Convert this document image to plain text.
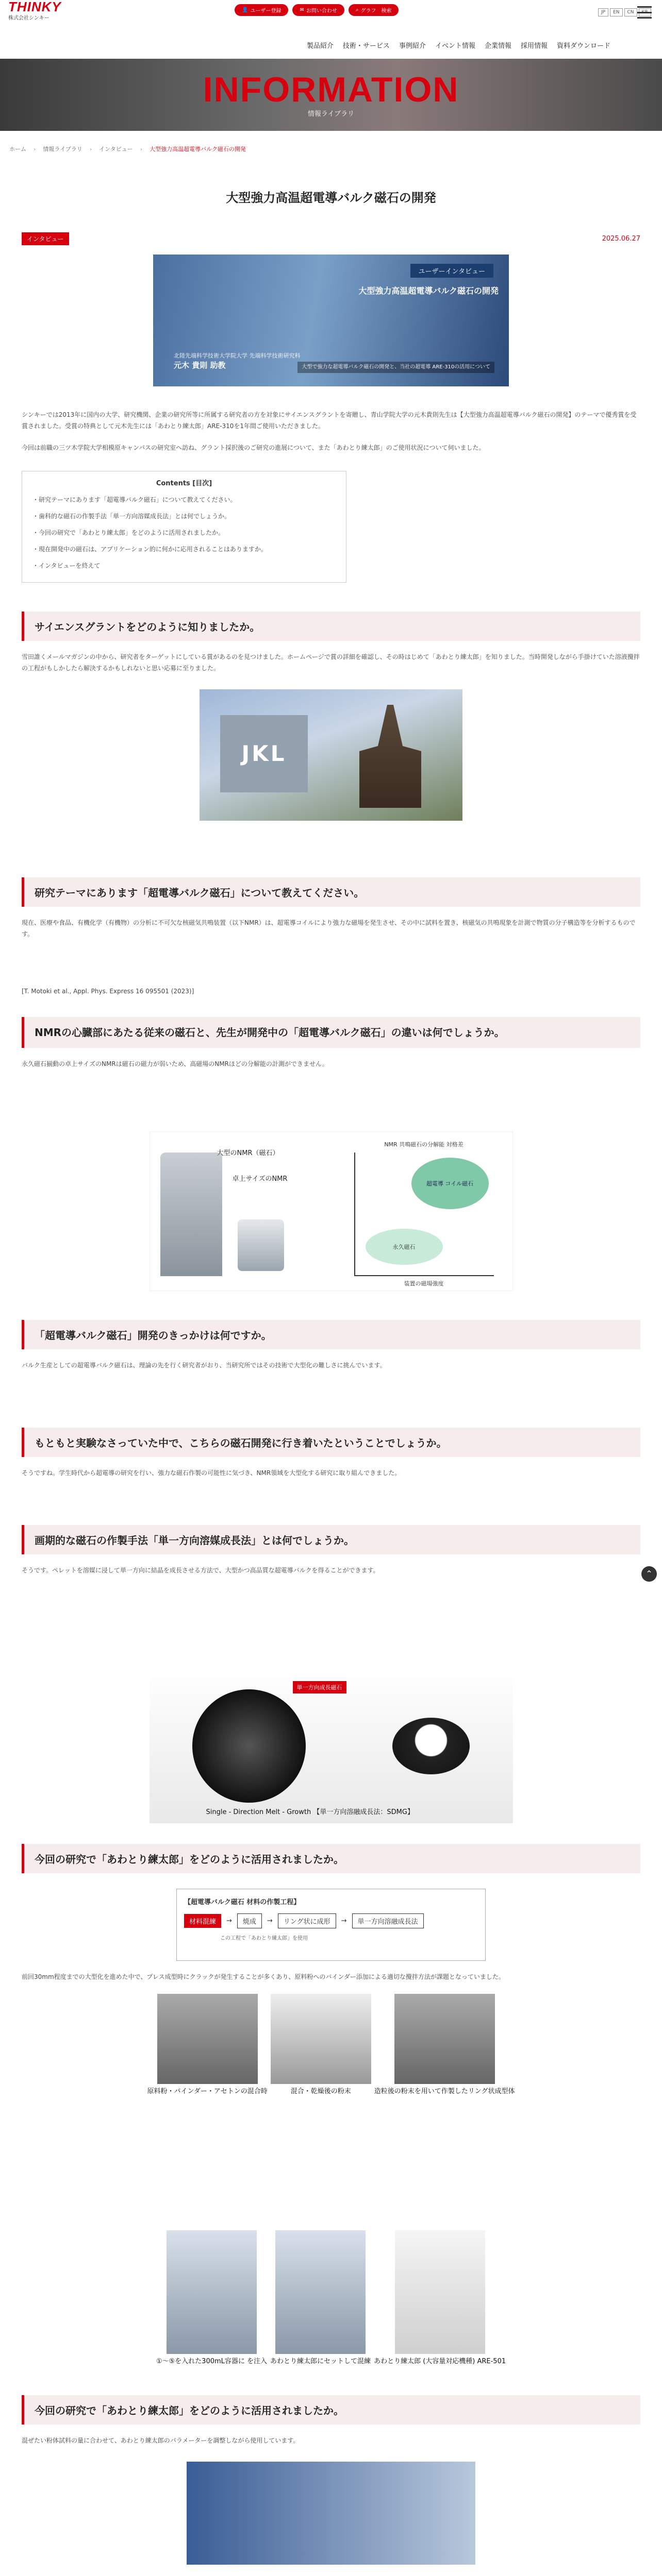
THINKY
株式会社シンキー
👤 ユーザー登録	✉ お問い合わせ	⌕ グラフ　検索	JP	EN	CN
製品紹介 技術・サービス 事例紹介 イベント情報 企業情報 採用情報 資料ダウンロード
INFORMATION
情報ライブラリ
ホーム › 情報ライブラリ › インタビュー › 大型強力高温超電導バルク磁石の開発
大型強力高温超電導バルク磁石の開発
インタビュー	2025.06.27
ユーザーインタビュー
大型強力高温超電導バルク磁石の開発
北陸先端科学技術大学院大学 先端科学技術研究科
元木 貴則 助教	大型で強力な超電導バルク磁石の開発と、当社の超電導 ARE-310の活用について

シンキーでは2013年に国内の大学、研究機関、企業の研究所等に所属する研究者の方を対象にサイエンスグラントを寄贈し、青山学院大学の元木貴則先生は【大型強力高温超電導バルク磁石の開発】のテーマで優秀賞を受賞されました。受賞の特典として元木先生には「あわとり練太郎」ARE-310を1年間ご使用いただきました。

今回は前職の三ツ木学院大学相模原キャンパスの研究室へ訪ね、グラント採択後のご研究の進展について、また「あわとり練太郎」のご使用状況について伺いました。

Contents [目次]
・研究テーマにあります「超電導バルク磁石」について教えてください。
・歯科的な磁石の作製手法「単一方向溶媒成長法」とは何でしょうか。
・今回の研究で「あわとり練太郎」をどのように活用されましたか。
・現在開発中の磁石は、アプリケーション的に何かに応用されることはありますか。
・インタビューを終えて
サイエンスグラントをどのように知りましたか。

雪田誰くメールマガジンの中から、研究者をターゲットにしている賞があるのを見つけました。ホームページで賞の詳細を確認し、その時はじめて「あわとり練太郎」を知りました。当時開発しながら手掛けていた溶液攪拌の工程がもしかしたら解決するかもしれないと思い応募に至りました。

JKL
研究テーマにあります「超電導バルク磁石」について教えてください。

現在、医療や食品、有機化学（有機物）の分析に不可欠な核磁気共鳴装置（以下NMR）は、超電導コイルにより強力な磁場を発生させ、その中に試料を置き、核磁気の共鳴現象を計測で物質の分子構造等を分析するものです。

[T. Motoki et al., Appl. Phys. Express 16 095501 (2023)]

NMRの心臓部にあたる従来の磁石と、先生が開発中の「超電導バルク磁石」の違いは何でしょうか。

永久磁石揃動の卓上サイズのNMRは磁石の磁力が弱いため、高磁場のNMRほどの分解能の計測ができません。

大型のNMR（磁石）
卓上サイズのNMR
NMR 共鳴磁石の分解能 対格差
超電導 コイル磁石
永久磁石
装置の磁場強度
「超電導バルク磁石」開発のきっかけは何ですか。

バルク生産としての超電導バルク磁石は、理論の先を行く研究者がおり、当研究所ではその技術で大型化の難しさに挑んでいます。

もともと実験なさっていた中で、こちらの磁石開発に行き着いたということでしょうか。

そうですね。学生時代から超電導の研究を行い、強力な磁石作製の可能性に気づき、NMR領域を大型化する研究に取り組んできました。

画期的な磁石の作製手法「単一方向溶媒成長法」とは何でしょうか。

そうです。ペレットを溶媒に浸して単一方向に結晶を成長させる方法で、大型かつ高品質な超電導バルクを得ることができます。

単一方向成長磁石
Single - Direction Melt - Growth 【単一方向溶融成長法：SDMG】
今回の研究で「あわとり練太郎」をどのように活用されましたか。
【超電導バルク磁石 材料の作製工程】
材料混練	→	焼成	→	リング状に成形	→	単一方向溶融成長法
この工程で「あわとり練太郎」を使用

前回30mm程度までの大型化を進めた中で、プレス成型時にクラックが発生することが多くあり、原料粉へのバインダー添加による適切な攪拌方法が課題となっていました。

原料粉・バインダー・アセトンの混合時	混合・乾燥後の粉末	造粒後の粉末を用いて作製したリング状成型体
①～⑤を入れた300mL容器に を注入 あわとり練太郎にセットして混練 あわとり練太郎 (大容量対応機種) ARE-501
今回の研究で「あわとり練太郎」をどのように活用されましたか。

混ぜたい粉体試料の量に合わせて、あわとり練太郎のパラメーターを調整しながら使用しています。

⌃
